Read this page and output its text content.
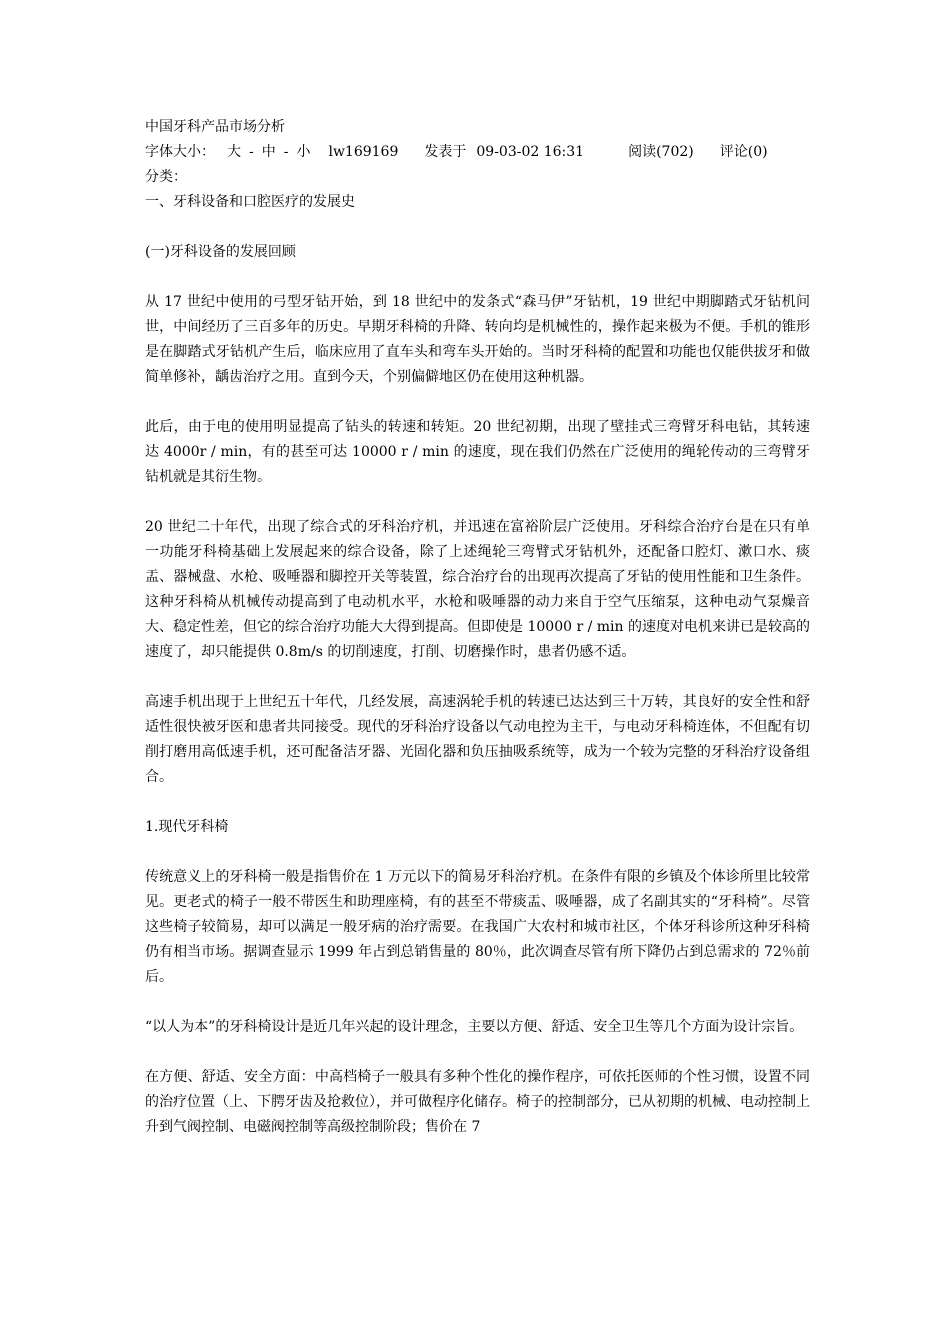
中国牙科产品市场分析

字体大小： 大 - 中 - 小 lw169169 发表于 09-03-02 16:31	阅读(702) 评论(0)

分类：

一、牙科设备和口腔医疗的发展史

(一)牙科设备的发展回顾

从 17 世纪中使用的弓型牙钻开始，到 18 世纪中的发条式“森马伊”牙钻机，19 世纪中期脚踏式牙钻机问世，中间经历了三百多年的历史。早期牙科椅的升降、转向均是机械性的，操作起来极为不便。手机的锥形是在脚踏式牙钻机产生后，临床应用了直车头和弯车头开始的。当时牙科椅的配置和功能也仅能供拔牙和做简单修补，龋齿治疗之用。直到今天，个别偏僻地区仍在使用这种机器。

此后，由于电的使用明显提高了钻头的转速和转矩。20 世纪初期，出现了壁挂式三弯臂牙科电钻，其转速达 4000r / min，有的甚至可达 10000 r / min 的速度，现在我们仍然在广泛使用的绳轮传动的三弯臂牙钻机就是其衍生物。

20 世纪二十年代，出现了综合式的牙科治疗机，并迅速在富裕阶层广泛使用。牙科综合治疗台是在只有单一功能牙科椅基础上发展起来的综合设备，除了上述绳轮三弯臂式牙钻机外，还配备口腔灯、漱口水、痰盂、器械盘、水枪、吸唾器和脚控开关等装置，综合治疗台的出现再次提高了牙钻的使用性能和卫生条件。这种牙科椅从机械传动提高到了电动机水平，水枪和吸唾器的动力来自于空气压缩泵，这种电动气泵燥音大、稳定性差，但它的综合治疗功能大大得到提高。但即使是 10000 r / min 的速度对电机来讲已是较高的速度了，却只能提供 0.8m/s 的切削速度，打削、切磨操作时，患者仍感不适。

高速手机出现于上世纪五十年代，几经发展，高速涡轮手机的转速已达达到三十万转，其良好的安全性和舒适性很快被牙医和患者共同接受。现代的牙科治疗设备以气动电控为主干，与电动牙科椅连体，不但配有切削打磨用高低速手机，还可配备洁牙器、光固化器和负压抽吸系统等，成为一个较为完整的牙科治疗设备组合。

1.现代牙科椅

传统意义上的牙科椅一般是指售价在 1 万元以下的简易牙科治疗机。在条件有限的乡镇及个体诊所里比较常见。更老式的椅子一般不带医生和助理座椅，有的甚至不带痰盂、吸唾器，成了名副其实的“牙科椅”。尽管这些椅子较简易，却可以满足一般牙病的治疗需要。在我国广大农村和城市社区，个体牙科诊所这种牙科椅仍有相当市场。据调查显示 1999 年占到总销售量的 80％，此次调查尽管有所下降仍占到总需求的 72％前后。

“以人为本”的牙科椅设计是近几年兴起的设计理念，主要以方便、舒适、安全卫生等几个方面为设计宗旨。

在方便、舒适、安全方面：中高档椅子一般具有多种个性化的操作程序，可依托医师的个性习惯，设置不同的治疗位置（上、下腭牙齿及抢救位），并可做程序化储存。椅子的控制部分，已从初期的机械、电动控制上升到气阀控制、电磁阀控制等高级控制阶段；售价在 7
